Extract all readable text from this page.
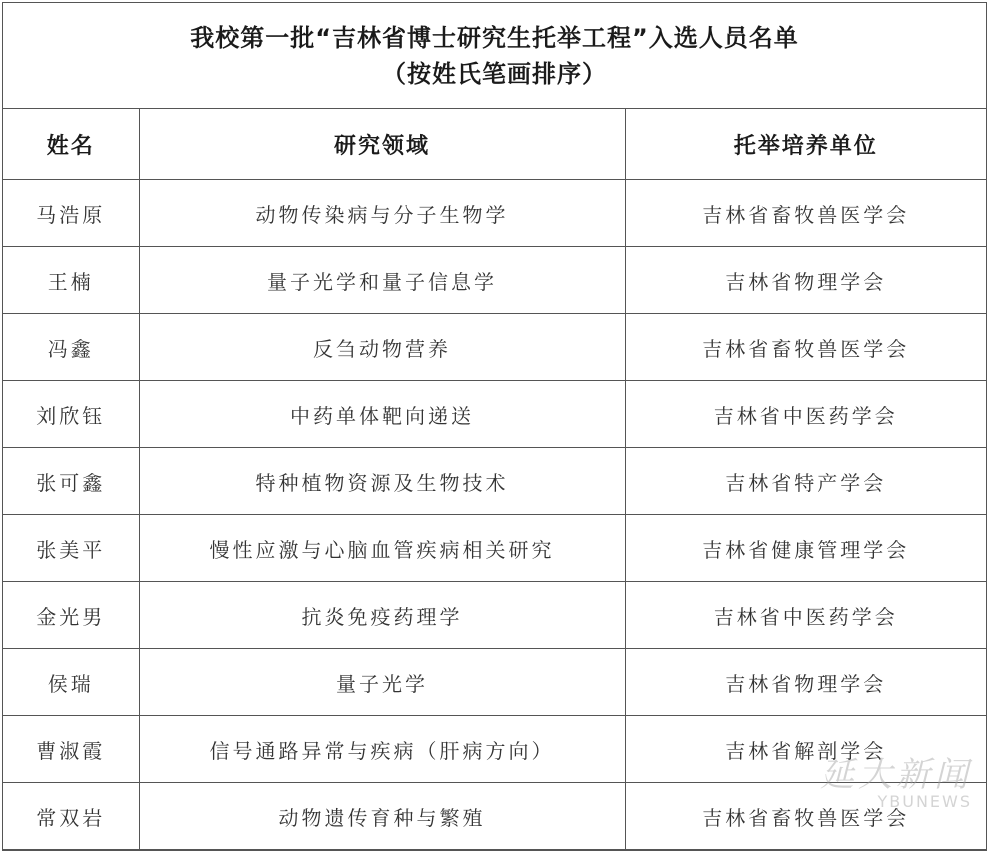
我校第一批“吉林省博士研究生托举工程”入选人员名单
（按姓氏笔画排序）
姓名	研究领域	托举培养单位
马浩原	动物传染病与分子生物学	吉林省畜牧兽医学会
王楠	量子光学和量子信息学	吉林省物理学会
冯鑫	反刍动物营养	吉林省畜牧兽医学会
刘欣钰	中药单体靶向递送	吉林省中医药学会
张可鑫	特种植物资源及生物技术	吉林省特产学会
张美平	慢性应激与心脑血管疾病相关研究	吉林省健康管理学会
金光男	抗炎免疫药理学	吉林省中医药学会
侯瑞	量子光学	吉林省物理学会
曹淑霞	信号通路异常与疾病（肝病方向）	吉林省解剖学会
常双岩	动物遗传育种与繁殖	吉林省畜牧兽医学会
延大新闻
YBUNEWS
